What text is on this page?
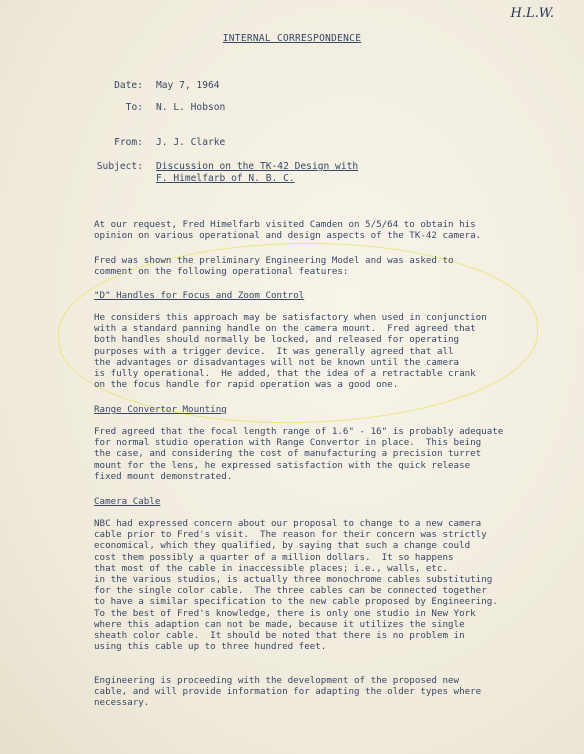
H.L.W.
INTERNAL CORRESPONDENCE
Date: May 7, 1964
To: N. L. Hobson
From: J. J. Clarke
Subject: Discussion on the TK-42 Design with
F. Himelfarb of N. B. C.

At our request, Fred Himelfarb visited Camden on 5/5/64 to obtain his

opinion on various operational and design aspects of the TK-42 camera.

Fred was shown the preliminary Engineering Model and was asked to

comment on the following operational features:

"D" Handles for Focus and Zoom Control

He considers this approach may be satisfactory when used in conjunction

with a standard panning handle on the camera mount.  Fred agreed that

both handles should normally be locked, and released for operating

purposes with a trigger device.  It was generally agreed that all

the advantages or disadvantages will not be known until the camera

is fully operational.  He added, that the idea of a retractable crank

on the focus handle for rapid operation was a good one.

Range Convertor Mounting

Fred agreed that the focal length range of 1.6" - 16" is probably adequate

for normal studio operation with Range Convertor in place.  This being

the case, and considering the cost of manufacturing a precision turret

mount for the lens, he expressed satisfaction with the quick release

fixed mount demonstrated.

Camera Cable

NBC had expressed concern about our proposal to change to a new camera

cable prior to Fred's visit.  The reason for their concern was strictly

economical, which they qualified, by saying that such a change could

cost them possibly a quarter of a million dollars.  It so happens

that most of the cable in inaccessible places; i.e., walls, etc.

in the various studios, is actually three monochrome cables substituting

for the single color cable.  The three cables can be connected together

to have a similar specification to the new cable proposed by Engineering.

To the best of Fred's knowledge, there is only one studio in New York

where this adaption can not be made, because it utilizes the single

sheath color cable.  It should be noted that there is no problem in

using this cable up to three hundred feet.

Engineering is proceeding with the development of the proposed new

cable, and will provide information for adapting the older types where

necessary.
